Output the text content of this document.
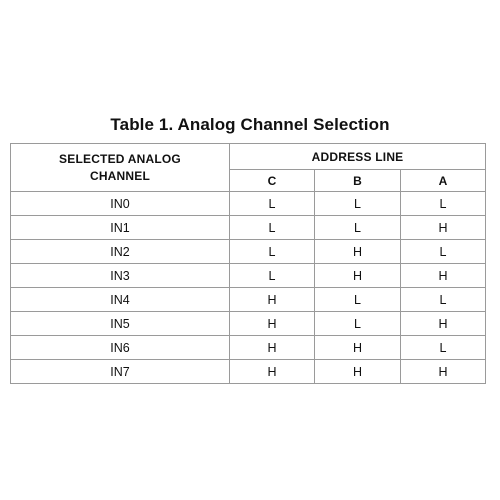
Table 1. Analog Channel Selection
SELECTED ANALOG
CHANNEL	ADDRESS LINE		
	C	B	A
IN0	L	L	L
IN1	L	L	H
IN2	L	H	L
IN3	L	H	H
IN4	H	L	L
IN5	H	L	H
IN6	H	H	L
IN7	H	H	H
